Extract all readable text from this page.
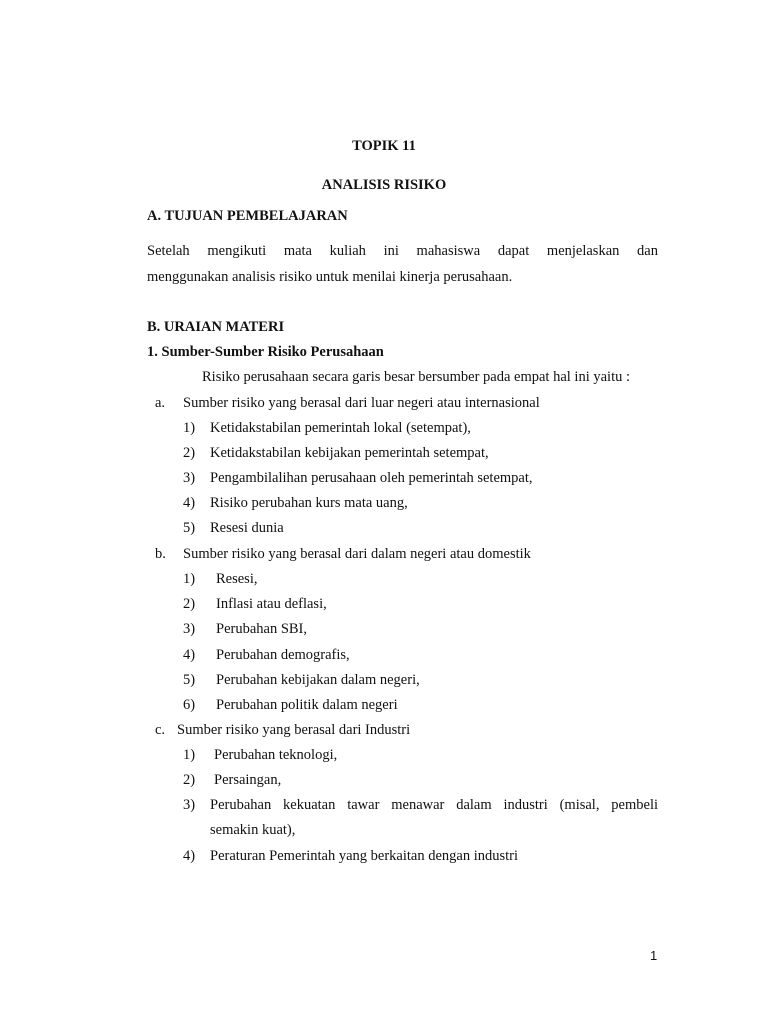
TOPIK 11
ANALISIS RISIKO
A. TUJUAN PEMBELAJARAN
Setelah mengikuti mata kuliah ini mahasiswa dapat menjelaskan dan
menggunakan analisis risiko untuk menilai kinerja perusahaan.
B. URAIAN MATERI
1. Sumber-Sumber Risiko Perusahaan
Risiko perusahaan secara garis besar bersumber pada empat hal ini yaitu :
a. Sumber risiko yang berasal dari luar negeri atau internasional
1) Ketidakstabilan pemerintah lokal (setempat),
2) Ketidakstabilan kebijakan pemerintah setempat,
3) Pengambilalihan perusahaan oleh pemerintah setempat,
4) Risiko perubahan kurs mata uang,
5) Resesi dunia
b. Sumber risiko yang berasal dari dalam negeri atau domestik
1) Resesi,
2) Inflasi atau deflasi,
3) Perubahan SBI,
4) Perubahan demografis,
5) Perubahan kebijakan dalam negeri,
6) Perubahan politik dalam negeri
c. Sumber risiko yang berasal dari Industri
1) Perubahan teknologi,
2) Persaingan,
3) Perubahan kekuatan tawar menawar dalam industri (misal, pembeli
semakin kuat),
4) Peraturan Pemerintah yang berkaitan dengan industri
1
